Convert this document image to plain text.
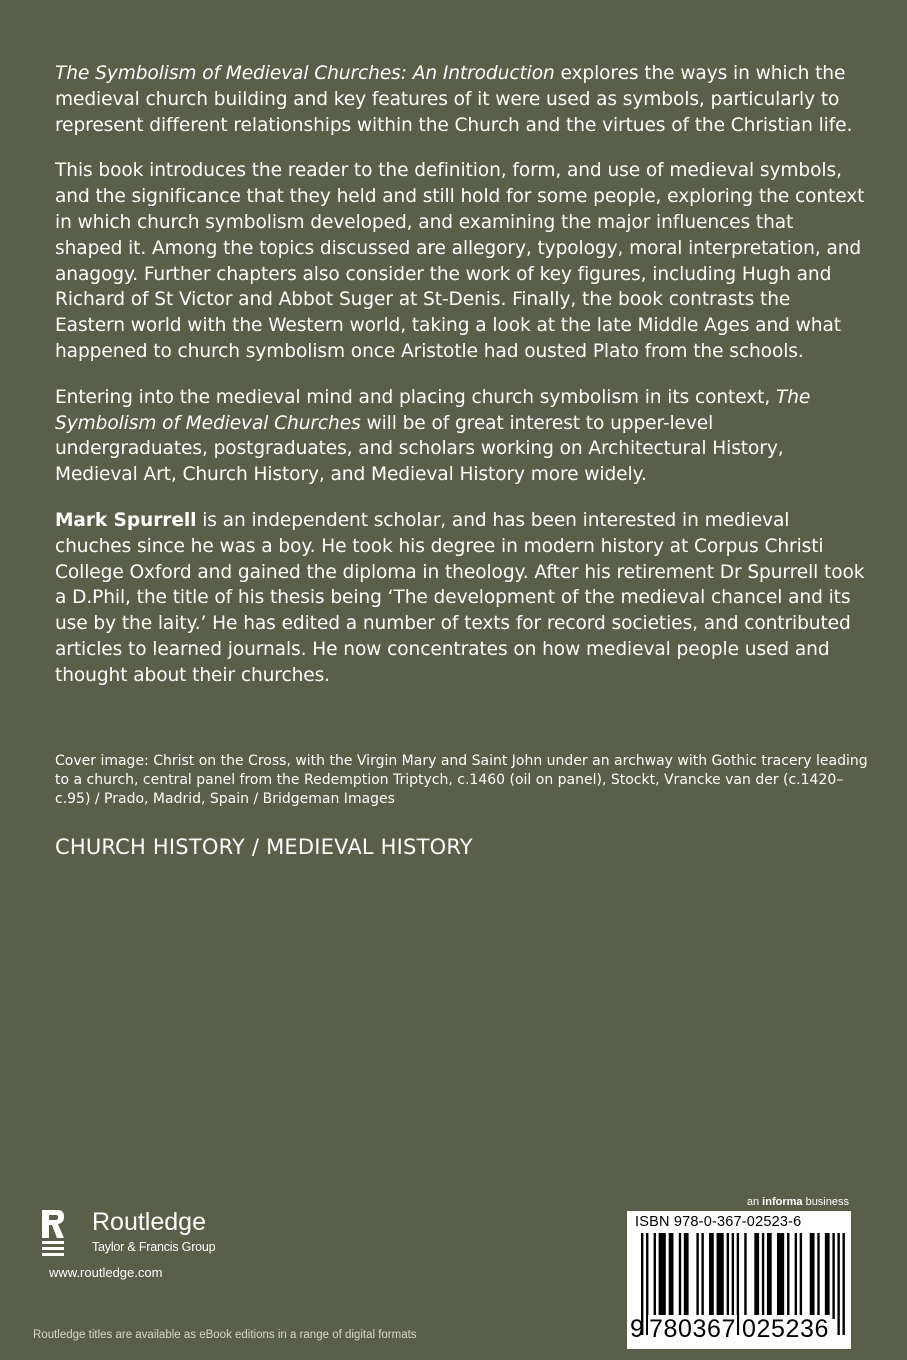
The Symbolism of Medieval Churches: An Introduction explores the ways in which the medieval church building and key features of it were used as symbols, particularly to represent different relationships within the Church and the virtues of the Christian life.

This book introduces the reader to the definition, form, and use of medieval symbols, and the significance that they held and still hold for some people, exploring the context in which church symbolism developed, and examining the major influences that shaped it. Among the topics discussed are allegory, typology, moral interpretation, and anagogy. Further chapters also consider the work of key figures, including Hugh and Richard of St Victor and Abbot Suger at St-Denis. Finally, the book contrasts the Eastern world with the Western world, taking a look at the late Middle Ages and what happened to church symbolism once Aristotle had ousted Plato from the schools.

Entering into the medieval mind and placing church symbolism in its context, The Symbolism of Medieval Churches will be of great interest to upper-level undergraduates, postgraduates, and scholars working on Architectural History, Medieval Art, Church History, and Medieval History more widely.

Mark Spurrell is an independent scholar, and has been interested in medieval chuches since he was a boy. He took his degree in modern history at Corpus Christi College Oxford and gained the diploma in theology. After his retirement Dr Spurrell took a D.Phil, the title of his thesis being ‘The development of the medieval chancel and its use by the laity.’ He has edited a number of texts for record societies, and contributed articles to learned journals. He now concentrates on how medieval people used and thought about their churches.

Cover image: Christ on the Cross, with the Virgin Mary and Saint John under an archway with Gothic tracery leading to a church, central panel from the Redemption Triptych, c.1460 (oil on panel), Stockt, Vrancke van der (c.1420–c.95) / Prado, Madrid, Spain / Bridgeman Images
CHURCH HISTORY / MEDIEVAL HISTORY
Routledge
Taylor & Francis Group
www.routledge.com
Routledge titles are available as eBook editions in a range of digital formats
an informa business
ISBN 978-0-367-02523-6
9 780367 025236
